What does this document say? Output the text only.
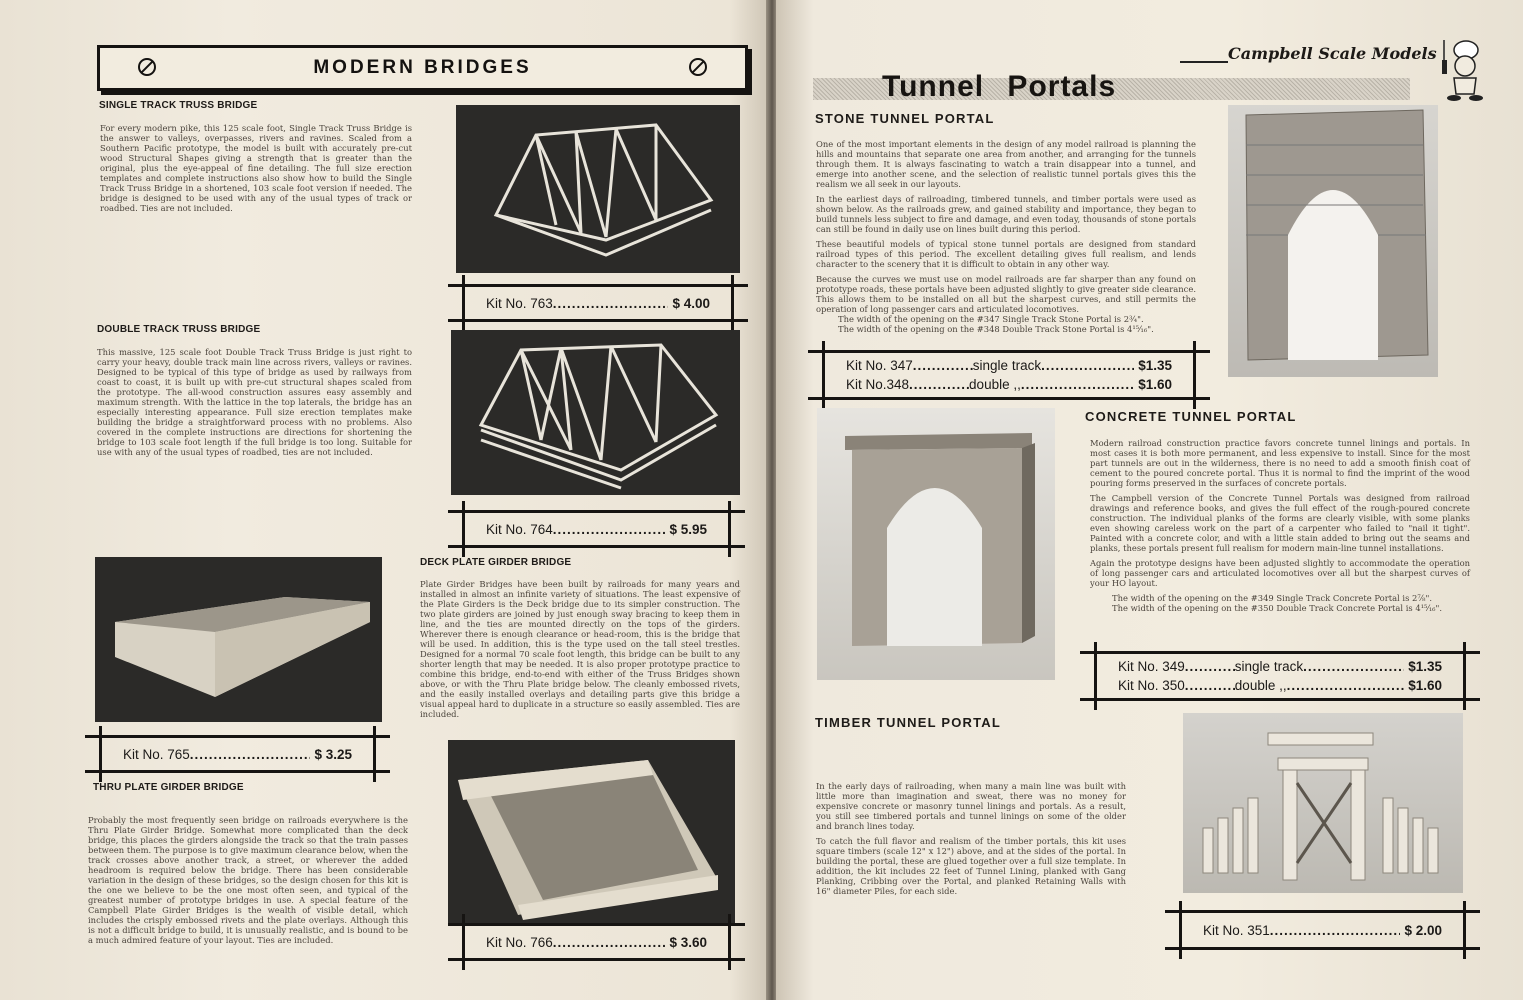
MODERN BRIDGES
SINGLE TRACK TRUSS BRIDGE
For every modern pike, this 125 scale foot, Single Track Truss Bridge is the answer to valleys, overpasses, rivers and ravines. Scaled from a Southern Pacific prototype, the model is built with accurately pre-cut wood Structural Shapes giving a strength that is greater than the original, plus the eye-appeal of fine detailing. The full size erection templates and complete instructions also show how to build the Single Track Truss Bridge in a shortened, 103 scale foot version if needed. The bridge is designed to be used with any of the usual types of track or roadbed. Ties are not included.
Kit No. 763 .....	$ 4.00
DOUBLE TRACK TRUSS BRIDGE
This massive, 125 scale foot Double Track Truss Bridge is just right to carry your heavy, double track main line across rivers, valleys or ravines. Designed to be typical of this type of bridge as used by railways from coast to coast, it is built up with pre-cut structural shapes scaled from the prototype. The all-wood construction assures easy assembly and maximum strength. With the lattice in the top laterals, the bridge has an especially interesting appearance. Full size erection templates make building the bridge a straightforward process with no problems. Also covered in the complete instructions are directions for shortening the bridge to 103 scale foot length if the full bridge is too long. Suitable for use with any of the usual types of roadbed, ties are not included.
Kit No. 764 .....	$ 5.95
Kit No. 765 .....	$ 3.25
DECK PLATE GIRDER BRIDGE
Plate Girder Bridges have been built by railroads for many years and installed in almost an infinite variety of situations. The least expensive of the Plate Girders is the Deck bridge due to its simpler construction. The two plate girders are joined by just enough sway bracing to keep them in line, and the ties are mounted directly on the tops of the girders. Wherever there is enough clearance or head-room, this is the bridge that will be used. In addition, this is the type used on the tall steel trestles. Designed for a normal 70 scale foot length, this bridge can be built to any shorter length that may be needed. It is also proper prototype practice to combine this bridge, end-to-end with either of the Truss Bridges shown above, or with the Thru Plate bridge below. The cleanly embossed rivets, and the easily installed overlays and detailing parts give this bridge a visual appeal hard to duplicate in a structure so easily assembled. Ties are included.
THRU PLATE GIRDER BRIDGE
Probably the most frequently seen bridge on railroads everywhere is the Thru Plate Girder Bridge. Somewhat more complicated than the deck bridge, this places the girders alongside the track so that the train passes between them. The purpose is to give maximum clearance below, when the track crosses above another track, a street, or wherever the added headroom is required below the bridge. There has been considerable variation in the design of these bridges, so the design chosen for this kit is the one we believe to be the one most often seen, and typical of the greatest number of prototype bridges in use. A special feature of the Campbell Plate Girder Bridges is the wealth of visible detail, which includes the crisply embossed rivets and the plate overlays. Although this is not a difficult bridge to build, it is unusually realistic, and is bound to be a much admired feature of your layout. Ties are included.	Kit No. 766 .....	$ 3.60
Campbell Scale Models
Tunnel Portals
STONE TUNNEL PORTAL

One of the most important elements in the design of any model railroad is planning the hills and mountains that separate one area from another, and arranging for the tunnels through them. It is always fascinating to watch a train disappear into a tunnel, and emerge into another scene, and the selection of realistic tunnel portals gives this the realism we all seek in our layouts.

In the earliest days of railroading, timbered tunnels, and timber portals were used as shown below. As the railroads grew, and gained stability and importance, they began to build tunnels less subject to fire and damage, and even today, thousands of stone portals can still be found in daily use on lines built during this period.

These beautiful models of typical stone tunnel portals are designed from standard railroad types of this period. The excellent detailing gives full realism, and lends character to the scenery that it is difficult to obtain in any other way.

Because the curves we must use on model railroads are far sharper than any found on prototype roads, these portals have been adjusted slightly to give greater side clearance. This allows them to be installed on all but the sharpest curves, and still permits the operation of long passenger cars and articulated locomotives.

The width of the opening on the #347 Single Track Stone Portal is 2¾".
The width of the opening on the #348 Double Track Stone Portal is 4¹⁵⁄₁₆".
Kit No. 347 .....	single track .....	$1.35
Kit No.348 .....	double ,, .....	$1.60
CONCRETE TUNNEL PORTAL

Modern railroad construction practice favors concrete tunnel linings and portals. In most cases it is both more permanent, and less expensive to install. Since for the most part tunnels are out in the wilderness, there is no need to add a smooth finish coat of cement to the poured concrete portal. Thus it is normal to find the imprint of the wood pouring forms preserved in the surfaces of concrete portals.

The Campbell version of the Concrete Tunnel Portals was designed from railroad drawings and reference books, and gives the full effect of the rough-poured concrete construction. The individual planks of the forms are clearly visible, with some planks even showing careless work on the part of a carpenter who failed to "nail it tight". Painted with a concrete color, and with a little stain added to bring out the seams and planks, these portals present full realism for modern main-line tunnel installations.

Again the prototype designs have been adjusted slightly to accommodate the operation of long passenger cars and articulated locomotives over all but the sharpest curves of your HO layout.

The width of the opening on the #349 Single Track Concrete Portal is 2⅞".
The width of the opening on the #350 Double Track Concrete Portal is 4¹⁵⁄₁₆".
Kit No. 349 .....	single track .....	$1.35
Kit No. 350 .....	double ,, .....	$1.60
TIMBER TUNNEL PORTAL

In the early days of railroading, when many a main line was built with little more than imagination and sweat, there was no money for expensive concrete or masonry tunnel linings and portals. As a result, you still see timbered portals and tunnel linings on some of the older and branch lines today.

To catch the full flavor and realism of the timber portals, this kit uses square timbers (scale 12" x 12") above, and at the sides of the portal. In building the portal, these are glued together over a full size template. In addition, the kit includes 22 feet of Tunnel Lining, planked with Gang Planking, Cribbing over the Portal, and planked Retaining Walls with 16" diameter Piles, for each side.

Kit No. 351 .....	$ 2.00
